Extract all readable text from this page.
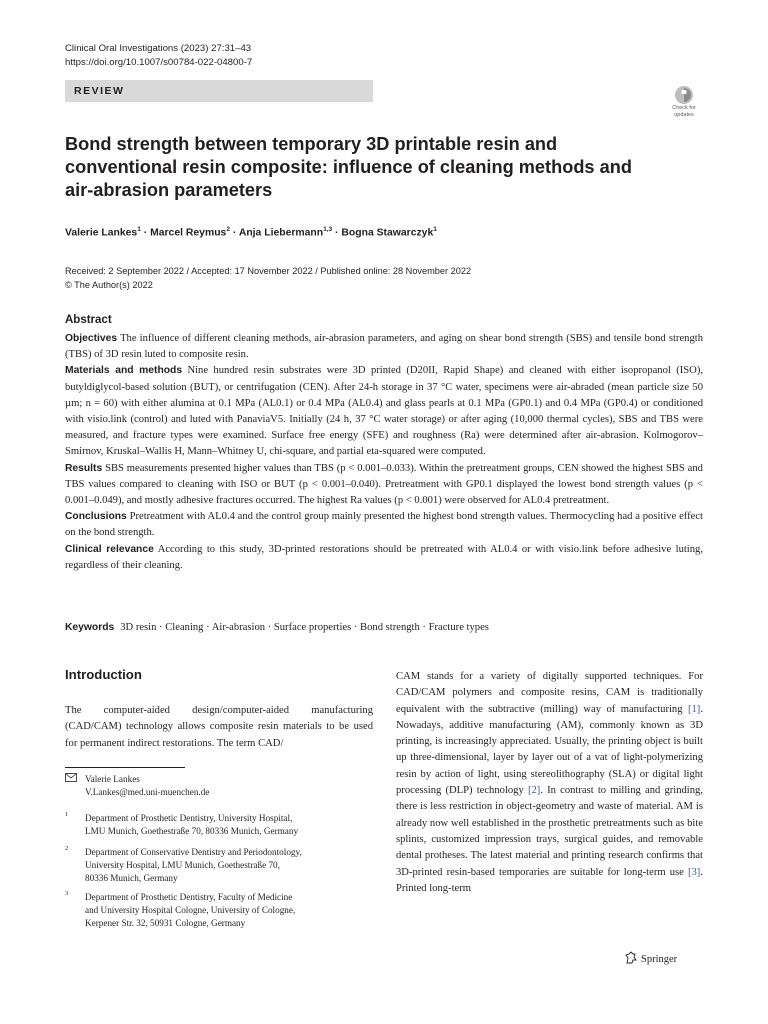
Clinical Oral Investigations (2023) 27:31–43
https://doi.org/10.1007/s00784-022-04800-7
REVIEW
Check for updates
Bond strength between temporary 3D printable resin and conventional resin composite: influence of cleaning methods and air-abrasion parameters
Valerie Lankes$^1$ · Marcel Reymus$^2$ · Anja Liebermann$^{1,3}$ · Bogna Stawarczyk$^1$
Received: 2 September 2022 / Accepted: 17 November 2022 / Published online: 28 November 2022
© The Author(s) 2022
Abstract

Objectives The influence of different cleaning methods, air-abrasion parameters, and aging on shear bond strength (SBS) and tensile bond strength (TBS) of 3D resin luted to composite resin.

Materials and methods Nine hundred resin substrates were 3D printed (D20II, Rapid Shape) and cleaned with either isopropanol (ISO), butyldiglycol-based solution (BUT), or centrifugation (CEN). After 24-h storage in 37 °C water, specimens were air-abraded (mean particle size 50 µm; n = 60) with either alumina at 0.1 MPa (AL0.1) or 0.4 MPa (AL0.4) and glass pearls at 0.1 MPa (GP0.1) and 0.4 MPa (GP0.4) or conditioned with visio.link (control) and luted with PanaviaV5. Initially (24 h, 37 °C water storage) or after aging (10,000 thermal cycles), SBS and TBS were measured, and fracture types were examined. Surface free energy (SFE) and roughness (Ra) were determined after air-abrasion. Kolmogorov–Smirnov, Kruskal–Wallis H, Mann–Whitney U, chi-square, and partial eta-squared were computed.

Results SBS measurements presented higher values than TBS (p < 0.001–0.033). Within the pretreatment groups, CEN showed the highest SBS and TBS values compared to cleaning with ISO or BUT (p < 0.001–0.040). Pretreatment with GP0.1 displayed the lowest bond strength values (p < 0.001–0.049), and mostly adhesive fractures occurred. The highest Ra values (p < 0.001) were observed for AL0.4 pretreatment.

Conclusions Pretreatment with AL0.4 and the control group mainly presented the highest bond strength values. Thermocycling had a positive effect on the bond strength.

Clinical relevance According to this study, 3D-printed restorations should be pretreated with AL0.4 or with visio.link before adhesive luting, regardless of their cleaning.

Keywords 3D resin · Cleaning · Air-abrasion · Surface properties · Bond strength · Fracture types
Introduction

The computer-aided design/computer-aided manufacturing (CAD/CAM) technology allows composite resin materials to be used for permanent indirect restorations. The term CAD/

CAM stands for a variety of digitally supported techniques. For CAD/CAM polymers and composite resins, CAM is traditionally equivalent with the subtractive (milling) way of manufacturing [1]. Nowadays, additive manufacturing (AM), commonly known as 3D printing, is increasingly appreciated. Usually, the printing object is built up three-dimensional, layer by layer out of a vat of light-polymerizing resin by action of light, using stereolithography (SLA) or digital light processing (DLP) technology [2]. In contrast to milling and grinding, there is less restriction in object-geometry and waste of material. AM is already now well established in the prosthetic pretreatments such as bite splints, customized impression trays, surgical guides, and removable dental protheses. The latest material and printing research confirms that 3D-printed resin-based temporaries are suitable for long-term use [3]. Printed long-term

Valerie Lankes
V.Lankes@med.uni-muenchen.de
1 Department of Prosthetic Dentistry, University Hospital,
LMU Munich, Goethestraße 70, 80336 Munich, Germany
2 Department of Conservative Dentistry and Periodontology,
University Hospital, LMU Munich, Goethestraße 70,
80336 Munich, Germany
3 Department of Prosthetic Dentistry, Faculty of Medicine
and University Hospital Cologne, University of Cologne,
Kerpener Str. 32, 50931 Cologne, Germany
Springer
